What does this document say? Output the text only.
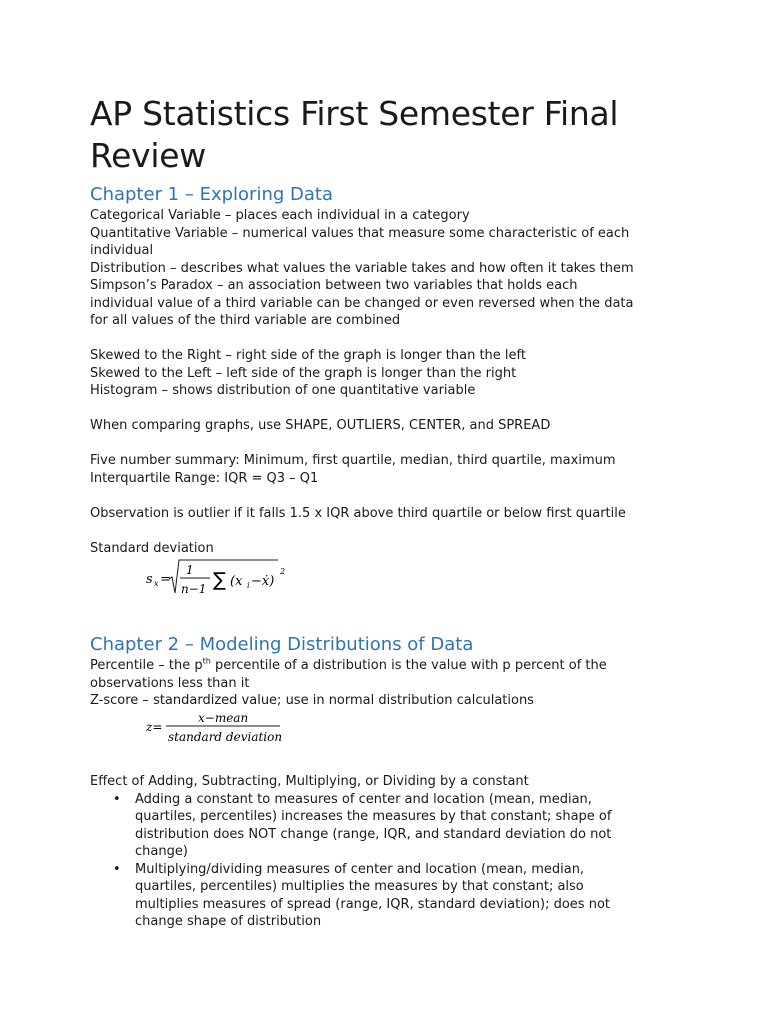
AP Statistics First Semester Final
Review
Chapter 1 – Exploring Data
Categorical Variable – places each individual in a category
Quantitative Variable – numerical values that measure some characteristic of each
individual
Distribution – describes what values the variable takes and how often it takes them
Simpson’s Paradox – an association between two variables that holds each
individual value of a third variable can be changed or even reversed when the data
for all values of the third variable are combined
Skewed to the Right – right side of the graph is longer than the left
Skewed to the Left – left side of the graph is longer than the right
Histogram – shows distribution of one quantitative variable
When comparing graphs, use SHAPE, OUTLIERS, CENTER, and SPREAD
Five number summary: Minimum, first quartile, median, third quartile, maximum
Interquartile Range: IQR = Q3 – Q1
Observation is outlier if it falls 1.5 x IQR above third quartile or below first quartile
Standard deviation
s x =
1
n−1 ∑ (x i −ẋ)
2
Chapter 2 – Modeling Distributions of Data
Percentile – the $p^{th}$ percentile of a distribution is the value with p percent of the
observations less than it
Z-score – standardized value; use in normal distribution calculations
z=
x−mean
standard deviation
Effect of Adding, Subtracting, Multiplying, or Dividing by a constant
• Adding a constant to measures of center and location (mean, median,
quartiles, percentiles) increases the measures by that constant; shape of
distribution does NOT change (range, IQR, and standard deviation do not
change)
• Multiplying/dividing measures of center and location (mean, median,
quartiles, percentiles) multiplies the measures by that constant; also
multiplies measures of spread (range, IQR, standard deviation); does not
change shape of distribution
